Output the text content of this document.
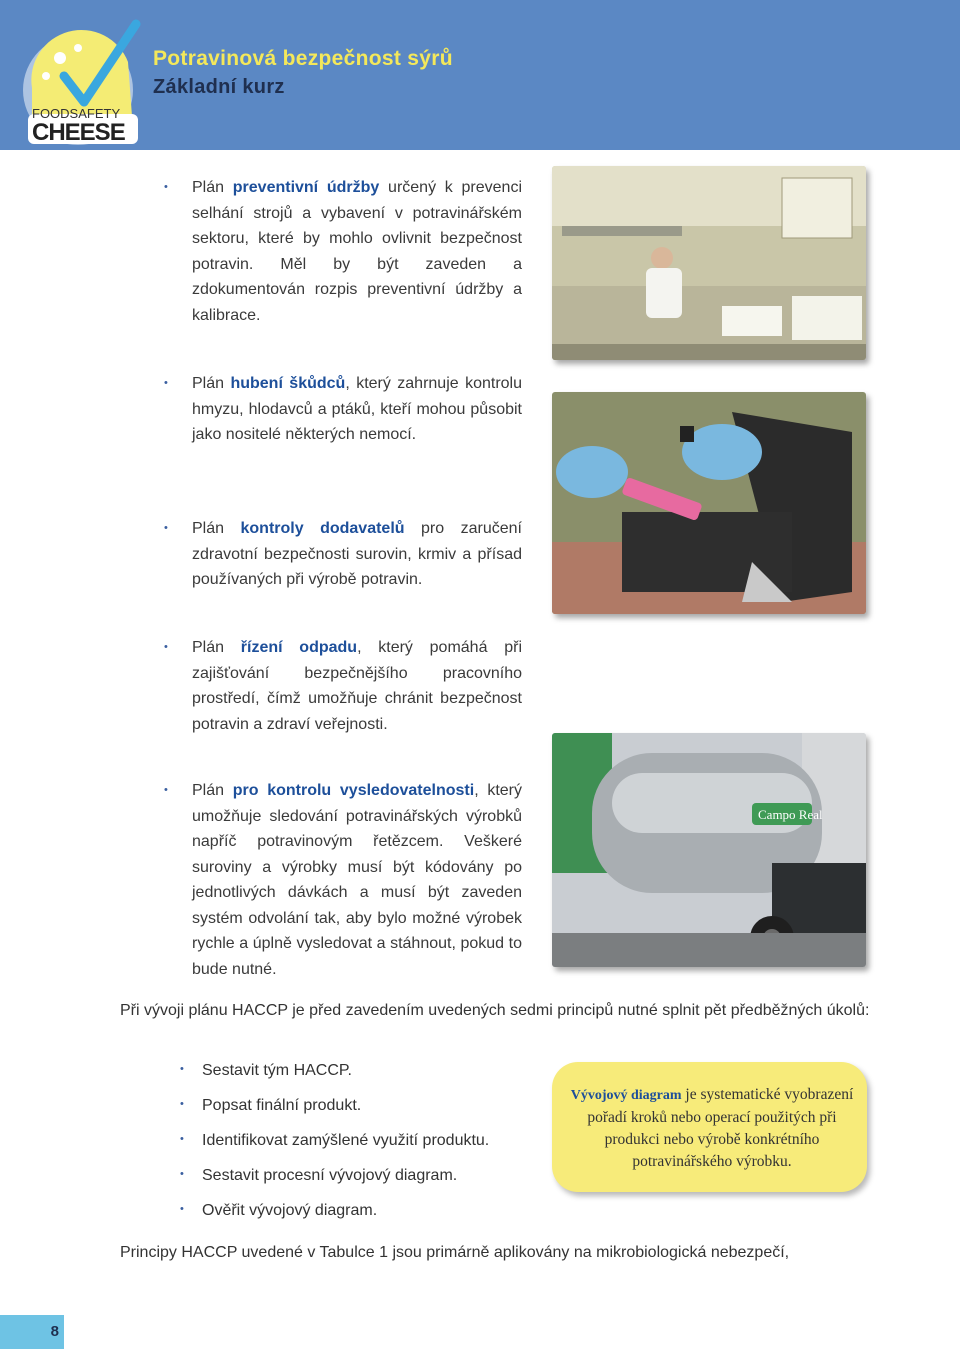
FOODSAFETY
CHEESE
Potravinová bezpečnost sýrů
Základní kurz
• Plán preventivní údržby určený k prevenci selhání strojů a vybavení v potravinářském sektoru, které by mohlo ovlivnit bezpečnost potravin. Měl by být zaveden a zdokumentován rozpis preventivní údržby a kalibrace.
• Plán hubení škůdců, který zahrnuje kontrolu hmyzu, hlodavců a ptáků, kteří mohou působit jako nositelé některých nemocí.
• Plán kontroly dodavatelů pro zaručení zdravotní bezpečnosti surovin, krmiv a přísad používaných při výrobě potravin.
• Plán řízení odpadu, který pomáhá při zajišťování bezpečnějšího pracovního prostředí, čímž umožňuje chránit bezpečnost potravin a zdraví veřejnosti.
• Plán pro kontrolu vysledovatelnosti, který umožňuje sledování potravinářských výrobků napříč potravinovým řetězcem. Veškeré suroviny a výrobky musí být kódovány po jednotlivých dávkách a musí být zaveden systém odvolání tak, aby bylo možné výrobek rychle a úplně vysledovat a stáhnout, pokud to bude nutné.
Campo Real
Při vývoji plánu HACCP je před zavedením uvedených sedmi principů nutné splnit pět předběžných úkolů:
• Sestavit tým HACCP.
• Popsat finální produkt.
• Identifikovat zamýšlené využití produktu.
• Sestavit procesní vývojový diagram.
• Ověřit vývojový diagram.
Vývojový diagram je systematické vyobrazení pořadí kroků nebo operací použitých při produkci nebo výrobě konkrétního potravinářského výrobku.
Principy HACCP uvedené v Tabulce 1 jsou primárně aplikovány na mikrobiologická nebezpečí,
8
